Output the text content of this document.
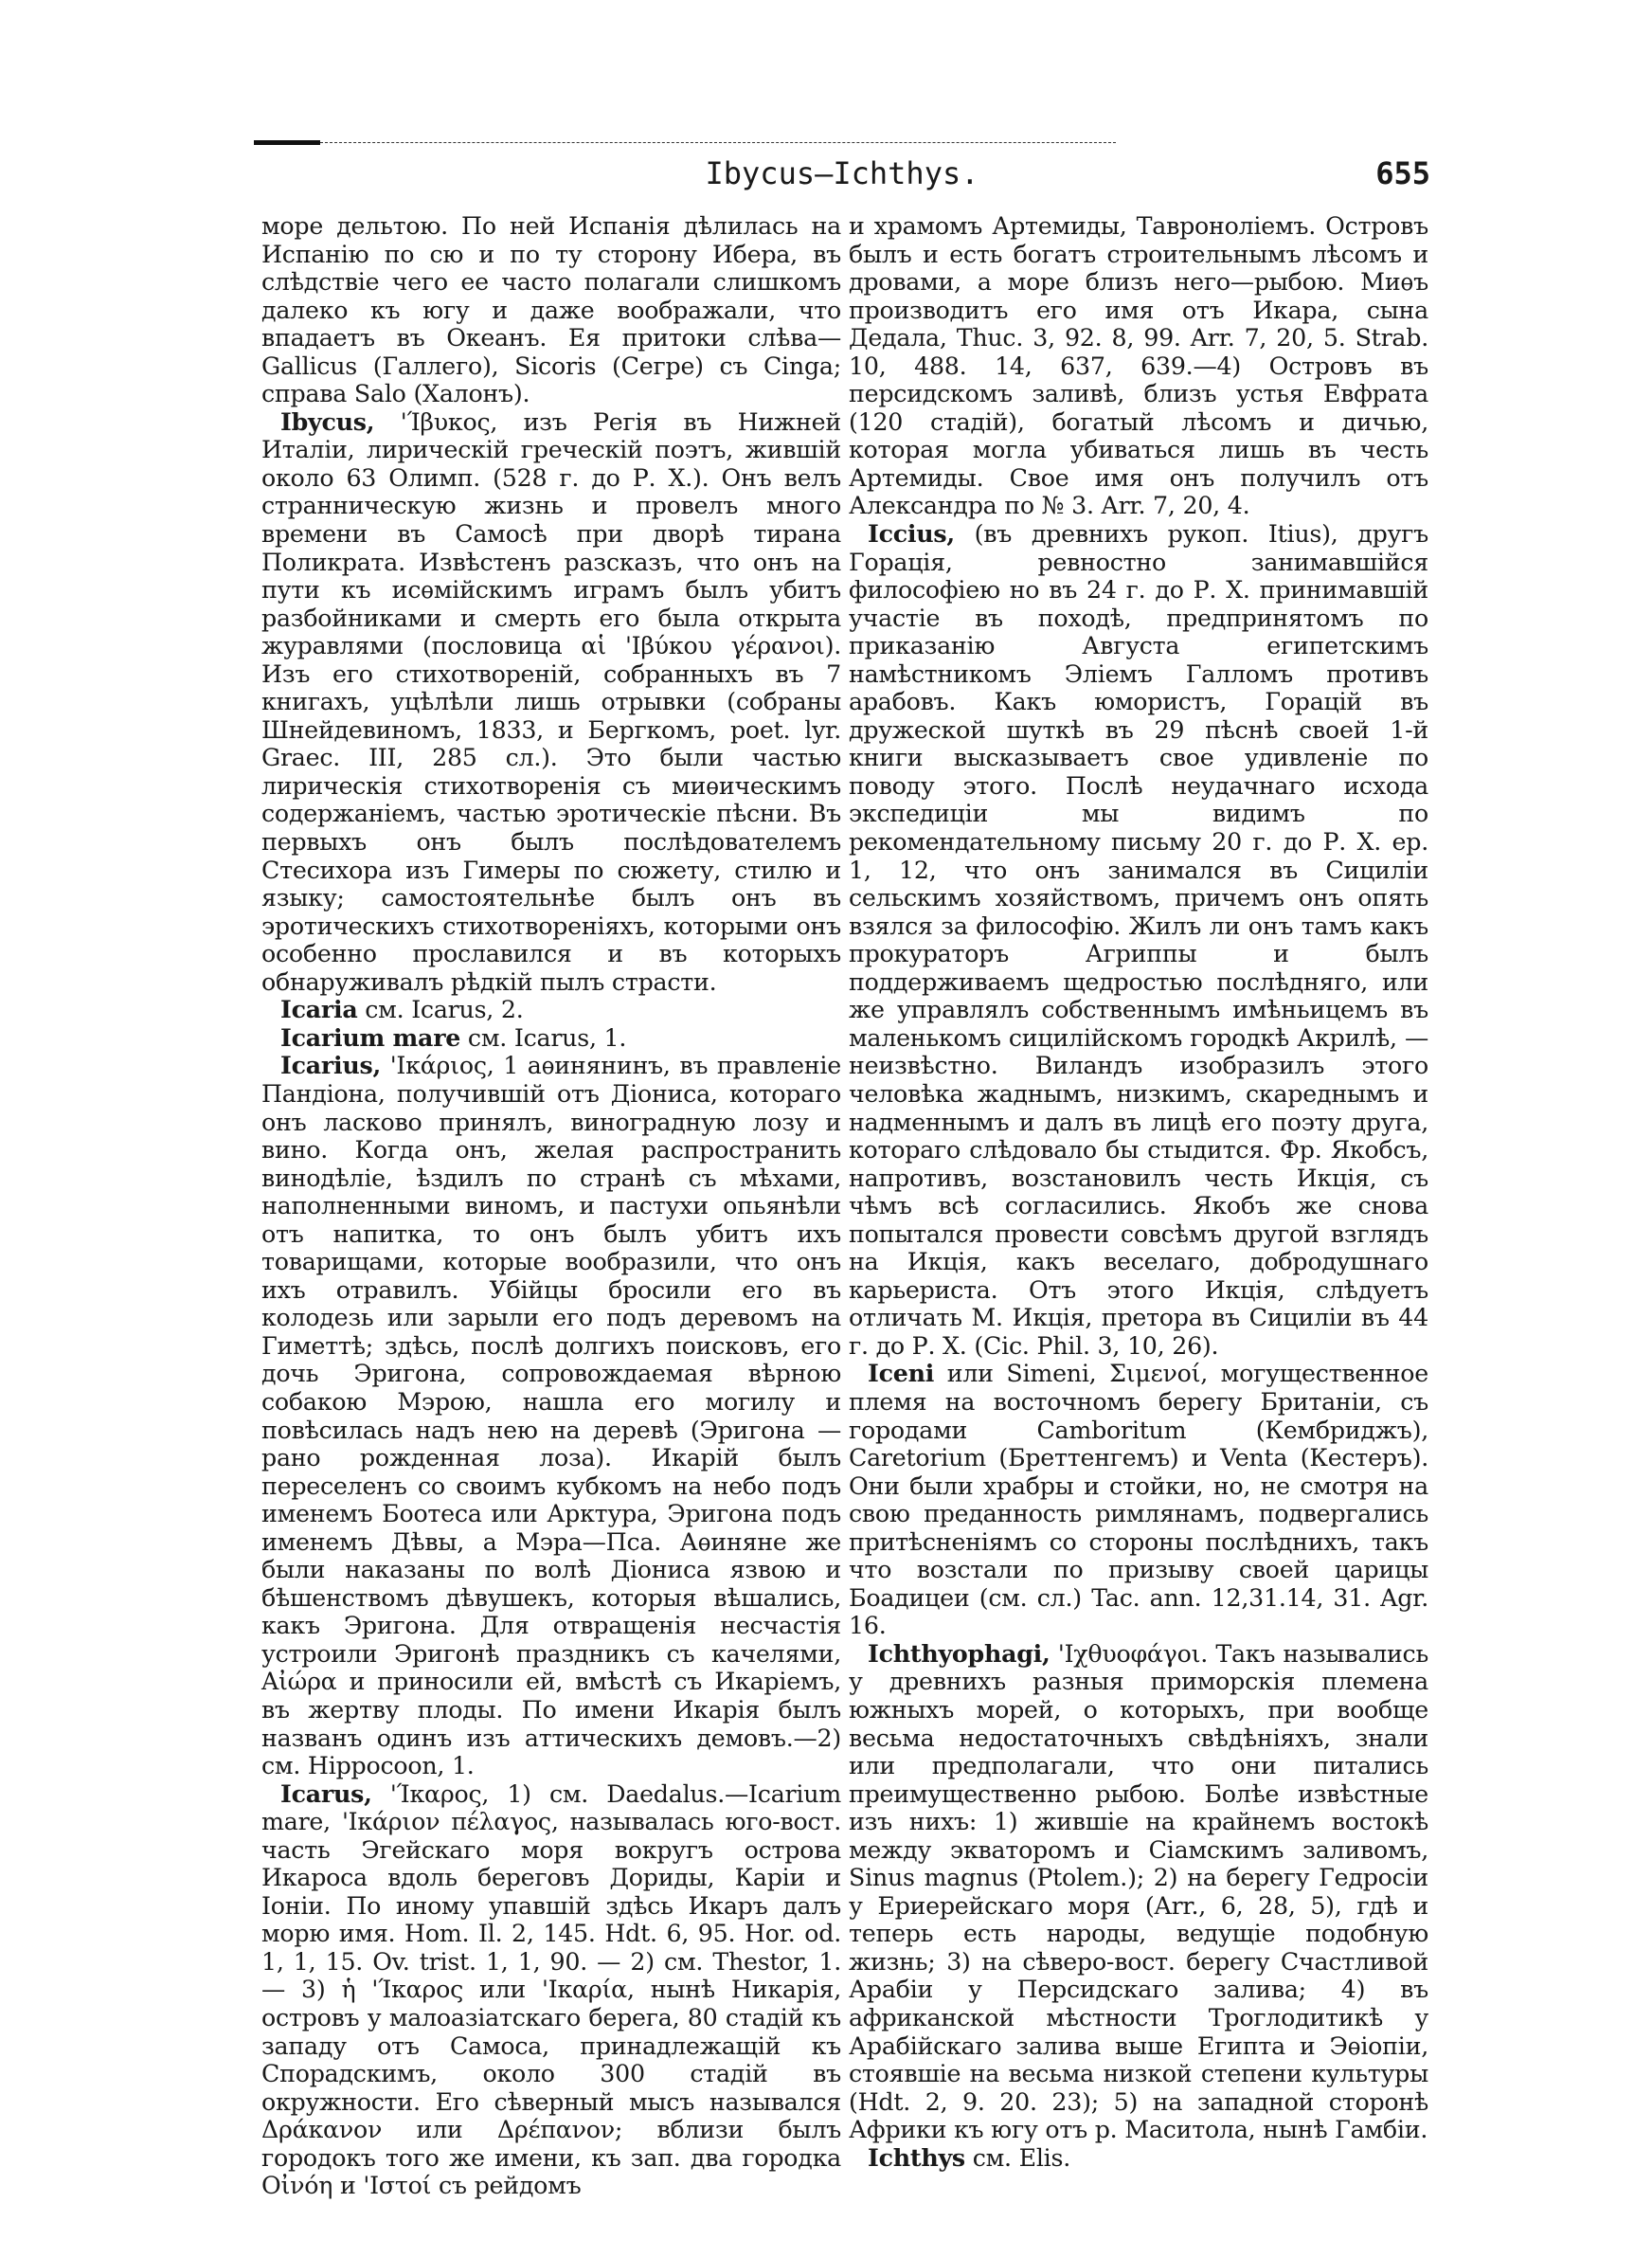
Ibycus—Ichthys.	655

море дельтою. По ней Испанія дѣлилась на Испанію по сю и по ту сторону Ибера, въ слѣдствіе чего ее часто полагали слишкомъ далеко къ югу и даже воображали, что впадаетъ въ Океанъ. Ея притоки слѣва—Gallicus (Галлего), Sicoris (Сегре) съ Cinga; справа Salo (Халонъ).

Ibycus, 'Ίβυκος, изъ Регія въ Нижней Италіи, лирическій греческій поэтъ, жившій около 63 Олимп. (528 г. до Р. Х.). Онъ велъ странническую жизнь и провелъ много времени въ Самосѣ при дворѣ тирана Поликрата. Извѣстенъ разсказъ, что онъ на пути къ исѳмійскимъ играмъ былъ убитъ разбойниками и смерть его была открыта журавлями (пословица αἱ 'Ιβύκου γέρανοι). Изъ его стихотвореній, собранныхъ въ 7 книгахъ, уцѣлѣли лишь отрывки (собраны Шнейдевиномъ, 1833, и Бергкомъ, poet. lyr. Graec. III, 285 сл.). Это были частью лирическія стихотворенія съ миѳическимъ содержаніемъ, частью эротическіе пѣсни. Въ первыхъ онъ былъ послѣдователемъ Стесихора изъ Гимеры по сюжету, стилю и языку; самостоятельнѣе былъ онъ въ эротическихъ стихотвореніяхъ, которыми онъ особенно прославился и въ которыхъ обнаруживалъ рѣдкій пылъ страсти.

Icaria см. Icarus, 2.

Icarium mare см. Icarus, 1.

Icarius, 'Ικάριος, 1 аѳинянинъ, въ правленіе Пандіона, получившій отъ Діониса, котораго онъ ласково принялъ, виноградную лозу и вино. Когда онъ, желая распространить винодѣліе, ѣздилъ по странѣ съ мѣхами, наполненными виномъ, и пастухи опьянѣли отъ напитка, то онъ былъ убитъ ихъ товарищами, которые вообразили, что онъ ихъ отравилъ. Убійцы бросили его въ колодезь или зарыли его подъ деревомъ на Гиметтѣ; здѣсь, послѣ долгихъ поисковъ, его дочь Эригона, сопровождаемая вѣрною собакою Мэрою, нашла его могилу и повѣсилась надъ нею на деревѣ (Эригона — рано рожденная лоза). Икарій былъ переселенъ со своимъ кубкомъ на небо подъ именемъ Боотеса или Арктура, Эригона подъ именемъ Дѣвы, а Мэра—Пса. Аѳиняне же были наказаны по волѣ Діониса язвою и бѣшенствомъ дѣвушекъ, которыя вѣшались, какъ Эригона. Для отвращенія несчастія устроили Эригонѣ праздникъ съ качелями, Αἰώρα и приносили ей, вмѣстѣ съ Икаріемъ, въ жертву плоды. По имени Икарія былъ названъ одинъ изъ аттическихъ демовъ.—2) см. Hippocoon, 1.

Icarus, 'Ίκαρος, 1) см. Daedalus.—Icarium mare, 'Ικάριον πέλαγος, называлась юго-вост. часть Эгейскаго моря вокругъ острова Икароса вдоль береговъ Дориды, Каріи и Іоніи. По иному упавшій здѣсь Икаръ далъ морю имя. Hom. Il. 2, 145. Hdt. 6, 95. Hor. od. 1, 1, 15. Ov. trist. 1, 1, 90. — 2) см. Thestor, 1. — 3) ἡ 'Ίκαρος или 'Ικαρία, нынѣ Никарія, островъ у малоазіатскаго берега, 80 стадій къ западу отъ Самоса, принадлежащій къ Спорадскимъ, около 300 стадій въ окружности. Его сѣверный мысъ назывался Δράκανον или Δρέπανον; вблизи былъ городокъ того же имени, къ зап. два городка Οἰνόη и 'Ιστοί съ рейдомъ

и храмомъ Артемиды, Тавроноліемъ. Островъ былъ и есть богатъ строительнымъ лѣсомъ и дровами, а море близъ него—рыбою. Миѳъ производитъ его имя отъ Икара, сына Дедала, Thuc. 3, 92. 8, 99. Arr. 7, 20, 5. Strab. 10, 488. 14, 637, 639.—4) Островъ въ персидскомъ заливѣ, близъ устья Евфрата (120 стадій), богатый лѣсомъ и дичью, которая могла убиваться лишь въ честь Артемиды. Свое имя онъ получилъ отъ Александра по № 3. Arr. 7, 20, 4.

Iccius, (въ древнихъ рукоп. Itius), другъ Горація, ревностно занимавшійся философіею но въ 24 г. до Р. Х. принимавшій участіе въ походѣ, предпринятомъ по приказанію Августа египетскимъ намѣстникомъ Эліемъ Галломъ противъ арабовъ. Какъ юмористъ, Горацій въ дружеской шуткѣ въ 29 пѣснѣ своей 1-й книги высказываетъ свое удивленіе по поводу этого. Послѣ неудачнаго исхода экспедиціи мы видимъ по рекомендательному письму 20 г. до Р. Х. ep. 1, 12, что онъ занимался въ Сициліи сельскимъ хозяйствомъ, причемъ онъ опять взялся за философію. Жилъ ли онъ тамъ какъ прокураторъ Агриппы и былъ поддерживаемъ щедростью послѣдняго, или же управлялъ собственнымъ имѣньицемъ въ маленькомъ сицилійскомъ городкѣ Акрилѣ, — неизвѣстно. Виландъ изобразилъ этого человѣка жаднымъ, низкимъ, скареднымъ и надменнымъ и далъ въ лицѣ его поэту друга, котораго слѣдовало бы стыдится. Фр. Якобсъ, напротивъ, возстановилъ честь Икція, съ чѣмъ всѣ согласились. Якобъ же снова попытался провести совсѣмъ другой взглядъ на Икція, какъ веселаго, добродушнаго карьериста. Отъ этого Икція, слѣдуетъ отличать М. Икція, претора въ Сициліи въ 44 г. до Р. Х. (Cic. Phil. 3, 10, 26).

Iceni или Simeni, Σιμενοί, могущественное племя на восточномъ берегу Британіи, съ городами Camboritum (Кембриджъ), Caretorium (Бреттенгемъ) и Venta (Кестеръ). Они были храбры и стойки, но, не смотря на свою преданность римлянамъ, подвергались притѣсненіямъ со стороны послѣднихъ, такъ что возстали по призыву своей царицы Боадицеи (см. сл.) Tac. ann. 12,31.14, 31. Agr. 16.

Ichthyophagi, 'Ιχθυοφάγοι. Такъ назывались у древнихъ разныя приморскія племена южныхъ морей, о которыхъ, при вообще весьма недостаточныхъ свѣдѣніяхъ, знали или предполагали, что они питались преимущественно рыбою. Болѣе извѣстные изъ нихъ: 1) жившіе на крайнемъ востокѣ между экваторомъ и Сіамскимъ заливомъ, Sinus magnus (Ptolem.); 2) на берегу Гедросіи у Ериерейскаго моря (Arr., 6, 28, 5), гдѣ и теперь есть народы, ведущіе подобную жизнь; 3) на сѣверо-вост. берегу Счастливой Арабіи у Персидскаго залива; 4) въ африканской мѣстности Троглодитикѣ у Арабійскаго залива выше Египта и Эѳіопіи, стоявшіе на весьма низкой степени культуры (Hdt. 2, 9. 20. 23); 5) на западной сторонѣ Африки къ югу отъ р. Маситола, нынѣ Гамбіи.

Ichthys см. Elis.
